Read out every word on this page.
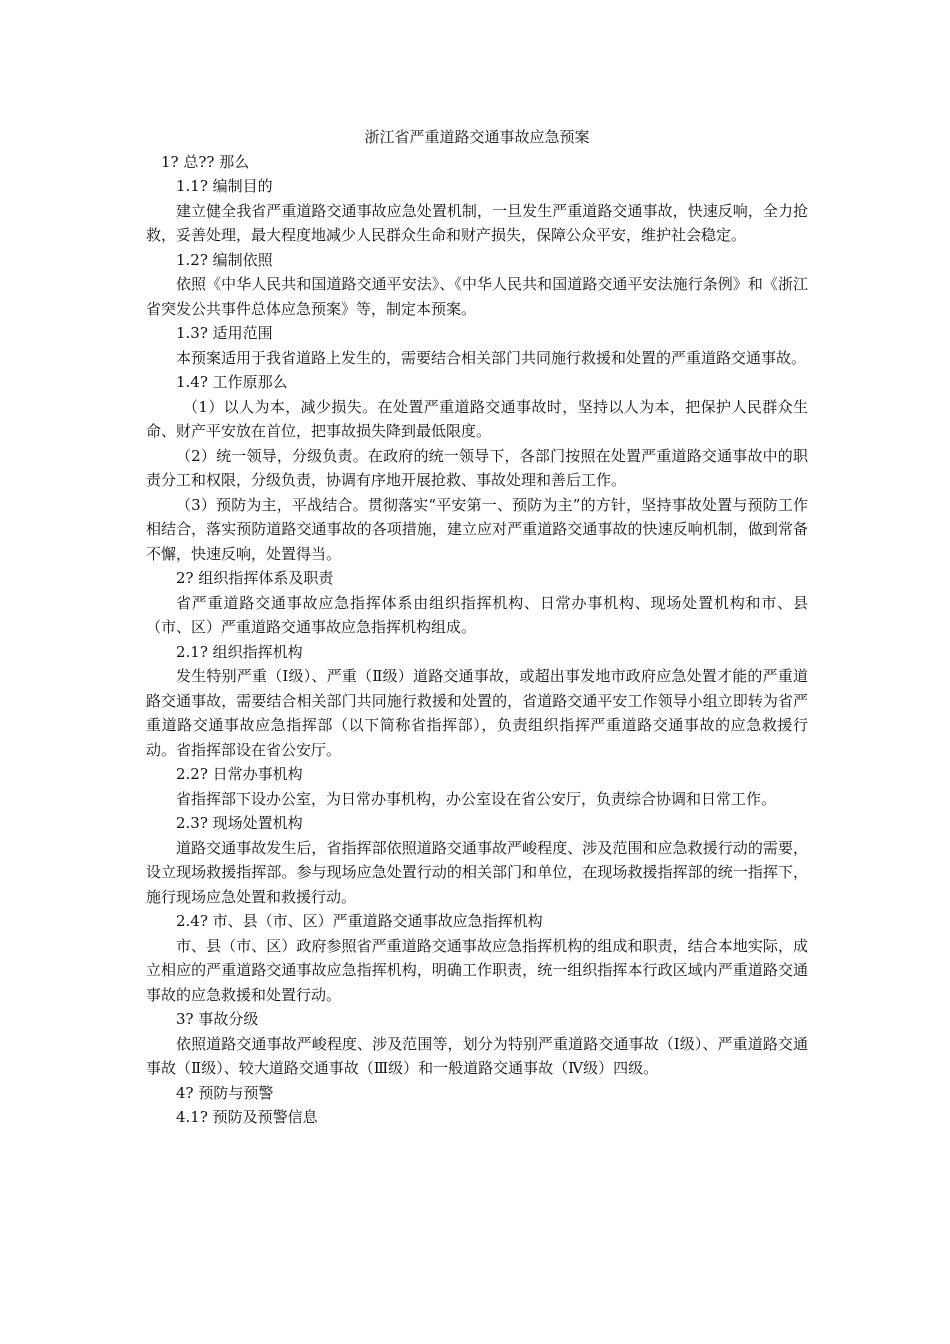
浙江省严重道路交通事故应急预案

1? 总?? 那么

1.1? 编制目的

建立健全我省严重道路交通事故应急处置机制，一旦发生严重道路交通事故，快速反响，全力抢救，妥善处理，最大程度地减少人民群众生命和财产损失，保障公众平安，维护社会稳定。

1.2? 编制依照

依照《中华人民共和国道路交通平安法》、《中华人民共和国道路交通平安法施行条例》和《浙江省突发公共事件总体应急预案》等，制定本预案。

1.3? 适用范围

本预案适用于我省道路上发生的，需要结合相关部门共同施行救援和处置的严重道路交通事故。

1.4? 工作原那么

（1）以人为本，减少损失。在处置严重道路交通事故时，坚持以人为本，把保护人民群众生命、财产平安放在首位，把事故损失降到最低限度。

（2）统一领导，分级负责。在政府的统一领导下，各部门按照在处置严重道路交通事故中的职责分工和权限，分级负责，协调有序地开展抢救、事故处理和善后工作。

（3）预防为主，平战结合。贯彻落实“平安第一、预防为主”的方针，坚持事故处置与预防工作相结合，落实预防道路交通事故的各项措施，建立应对严重道路交通事故的快速反响机制，做到常备不懈，快速反响，处置得当。

2? 组织指挥体系及职责

省严重道路交通事故应急指挥体系由组织指挥机构、日常办事机构、现场处置机构和市、县（市、区）严重道路交通事故应急指挥机构组成。

2.1? 组织指挥机构

发生特别严重（Ⅰ级）、严重（Ⅱ级）道路交通事故，或超出事发地市政府应急处置才能的严重道路交通事故，需要结合相关部门共同施行救援和处置的，省道路交通平安工作领导小组立即转为省严重道路交通事故应急指挥部（以下简称省指挥部），负责组织指挥严重道路交通事故的应急救援行动。省指挥部设在省公安厅。

2.2? 日常办事机构

省指挥部下设办公室，为日常办事机构，办公室设在省公安厅，负责综合协调和日常工作。

2.3? 现场处置机构

道路交通事故发生后，省指挥部依照道路交通事故严峻程度、涉及范围和应急救援行动的需要，设立现场救援指挥部。参与现场应急处置行动的相关部门和单位，在现场救援指挥部的统一指挥下，施行现场应急处置和救援行动。

2.4? 市、县（市、区）严重道路交通事故应急指挥机构

市、县（市、区）政府参照省严重道路交通事故应急指挥机构的组成和职责，结合本地实际，成立相应的严重道路交通事故应急指挥机构，明确工作职责，统一组织指挥本行政区域内严重道路交通事故的应急救援和处置行动。

3? 事故分级

依照道路交通事故严峻程度、涉及范围等，划分为特别严重道路交通事故（Ⅰ级）、严重道路交通事故（Ⅱ级）、较大道路交通事故（Ⅲ级）和一般道路交通事故（Ⅳ级）四级。

4? 预防与预警

4.1? 预防及预警信息
